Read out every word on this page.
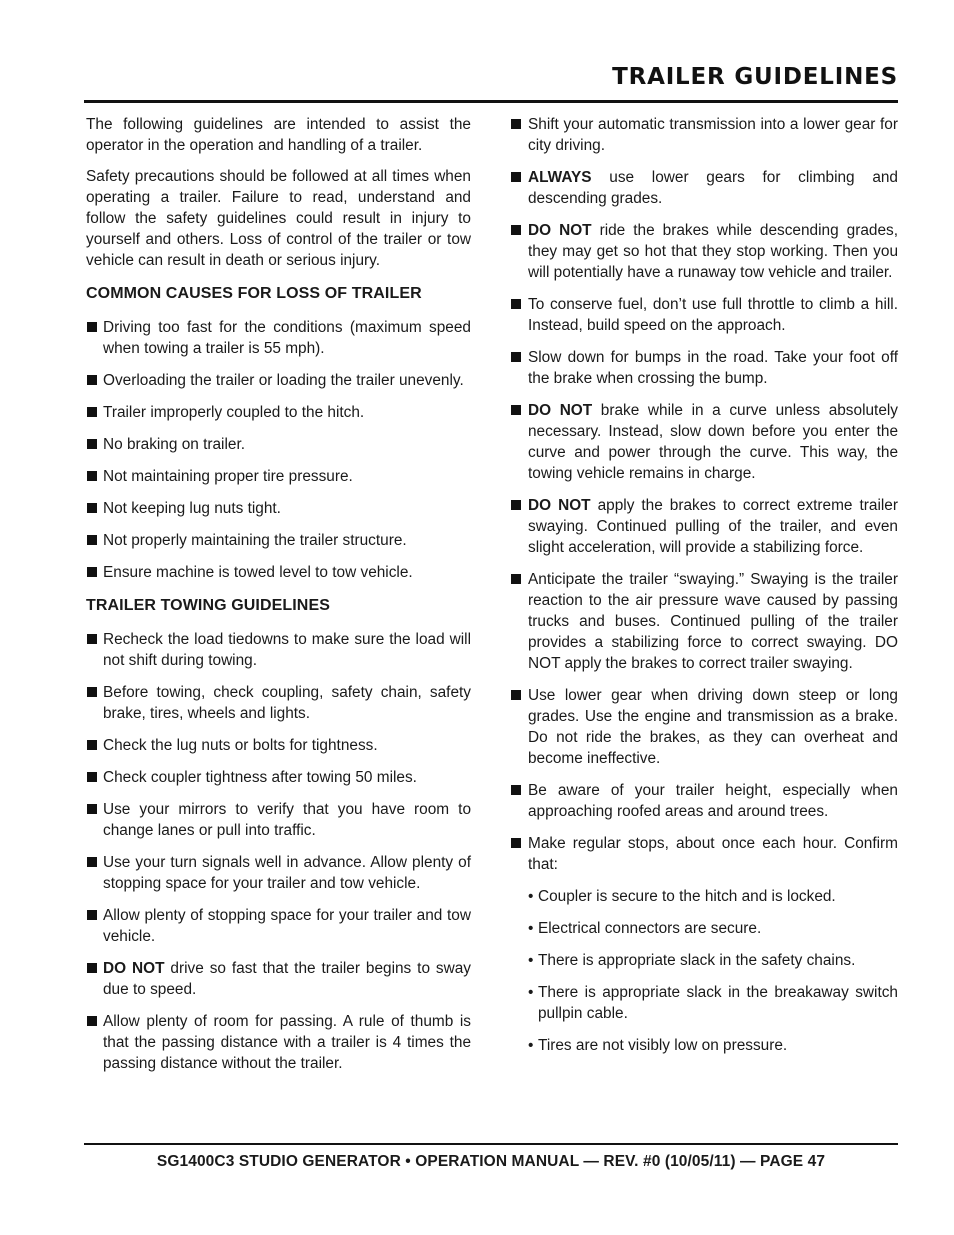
TRAILER GUIDELINES

The following guidelines are intended to assist the operator in the operation and handling of a trailer.

Safety precautions should be followed at all times when operating a trailer. Failure to read, understand and follow the safety guidelines could result in injury to yourself and others. Loss of control of the trailer or tow vehicle can result in death or serious injury.

COMMON CAUSES FOR LOSS OF TRAILER
Driving too fast for the conditions (maximum speed when towing a trailer is 55 mph).
Overloading the trailer or loading the trailer unevenly.
Trailer improperly coupled to the hitch.
No braking on trailer.
Not maintaining proper tire pressure.
Not keeping lug nuts tight.
Not properly maintaining the trailer structure.
Ensure machine is towed level to tow vehicle.
TRAILER TOWING GUIDELINES
Recheck the load tiedowns to make sure the load will not shift during towing.
Before towing, check coupling, safety chain, safety brake, tires, wheels and lights.
Check the lug nuts or bolts for tightness.
Check coupler tightness after towing 50 miles.
Use your mirrors to verify that you have room to change lanes or pull into traffic.
Use your turn signals well in advance. Allow plenty of stopping space for your trailer and tow vehicle.
Allow plenty of stopping space for your trailer and tow vehicle.
DO NOT drive so fast that the trailer begins to sway due to speed.
Allow plenty of room for passing. A rule of thumb is that the passing distance with a trailer is 4 times the passing distance without the trailer.
Shift your automatic transmission into a lower gear for city driving.
ALWAYS use lower gears for climbing and descending grades.
DO NOT ride the brakes while descending grades, they may get so hot that they stop working. Then you will potentially have a runaway tow vehicle and trailer.
To conserve fuel, don’t use full throttle to climb a hill. Instead, build speed on the approach.
Slow down for bumps in the road. Take your foot off the brake when crossing the bump.
DO NOT brake while in a curve unless absolutely necessary. Instead, slow down before you enter the curve and power through the curve. This way, the towing vehicle remains in charge.
DO NOT apply the brakes to correct extreme trailer swaying. Continued pulling of the trailer, and even slight acceleration, will provide a stabilizing force.
Anticipate the trailer “swaying.” Swaying is the trailer reaction to the air pressure wave caused by passing trucks and buses. Continued pulling of the trailer provides a stabilizing force to correct swaying. DO NOT apply the brakes to correct trailer swaying.
Use lower gear when driving down steep or long grades. Use the engine and transmission as a brake. Do not ride the brakes, as they can overheat and become ineffective.
Be aware of your trailer height, especially when approaching roofed areas and around trees.
Make regular stops, about once each hour. Confirm that:
• Coupler is secure to the hitch and is locked.
• Electrical connectors are secure.
• There is appropriate slack in the safety chains.
• There is appropriate slack in the breakaway switch pullpin cable.
• Tires are not visibly low on pressure.
SG1400C3 STUDIO GENERATOR • OPERATION MANUAL — REV. #0 (10/05/11) — PAGE 47
